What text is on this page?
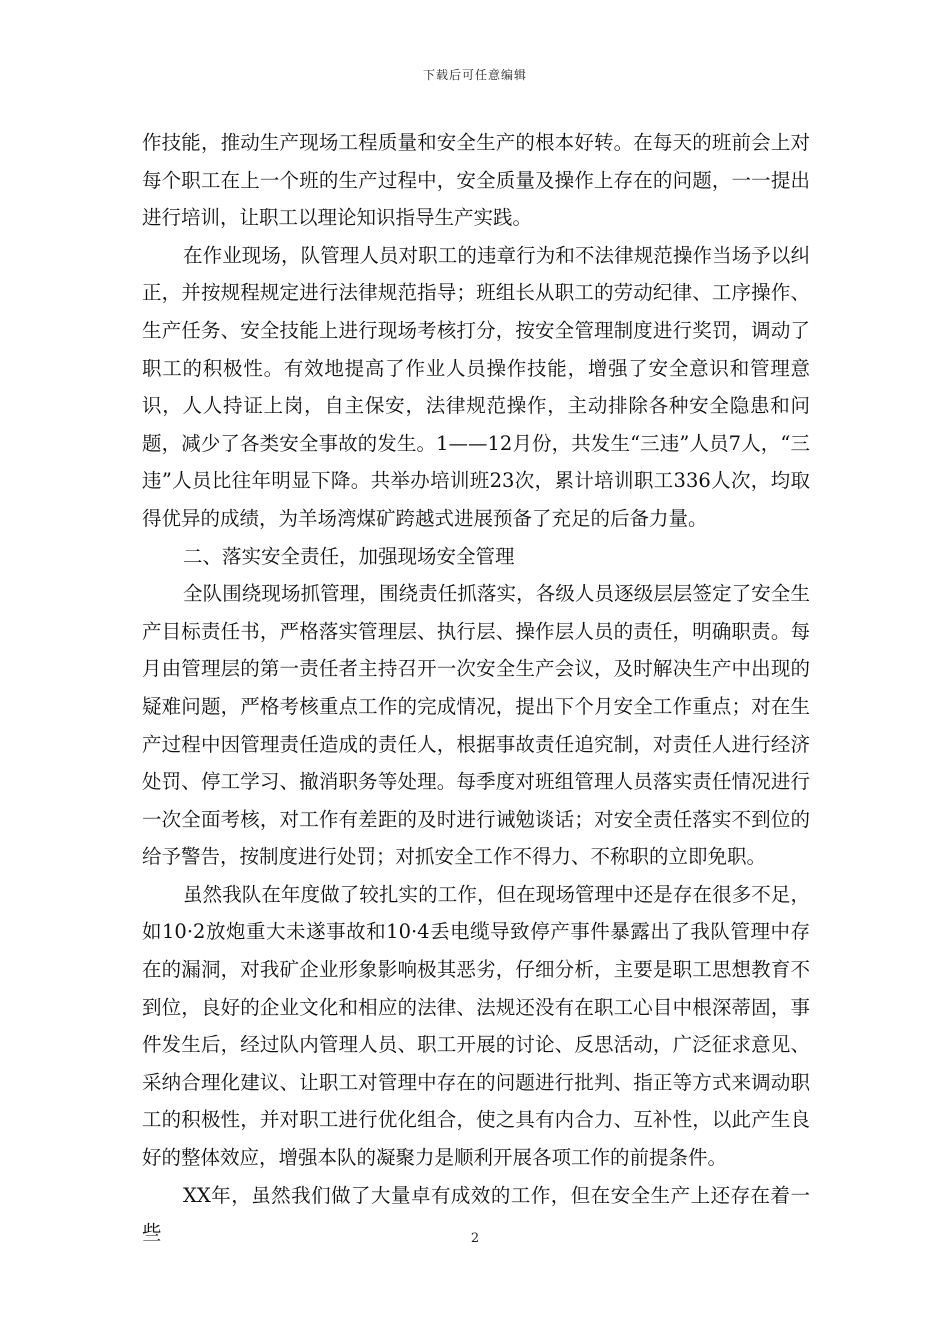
下载后可任意编辑

作技能，推动生产现场工程质量和安全生产的根本好转。在每天的班前会上对每个职工在上一个班的生产过程中，安全质量及操作上存在的问题，一一提出进行培训，让职工以理论知识指导生产实践。

在作业现场，队管理人员对职工的违章行为和不法律规范操作当场予以纠正，并按规程规定进行法律规范指导；班组长从职工的劳动纪律、工序操作、生产任务、安全技能上进行现场考核打分，按安全管理制度进行奖罚，调动了职工的积极性。有效地提高了作业人员操作技能，增强了安全意识和管理意识，人人持证上岗，自主保安，法律规范操作，主动排除各种安全隐患和问题，减少了各类安全事故的发生。1——12月份，共发生“三违”人员7人，“三违”人员比往年明显下降。共举办培训班23次，累计培训职工336人次，均取得优异的成绩，为羊场湾煤矿跨越式进展预备了充足的后备力量。

二、落实安全责任，加强现场安全管理

全队围绕现场抓管理，围绕责任抓落实，各级人员逐级层层签定了安全生产目标责任书，严格落实管理层、执行层、操作层人员的责任，明确职责。每月由管理层的第一责任者主持召开一次安全生产会议，及时解决生产中出现的疑难问题，严格考核重点工作的完成情况，提出下个月安全工作重点；对在生产过程中因管理责任造成的责任人，根据事故责任追究制，对责任人进行经济处罚、停工学习、撤消职务等处理。每季度对班组管理人员落实责任情况进行一次全面考核，对工作有差距的及时进行诫勉谈话；对安全责任落实不到位的给予警告，按制度进行处罚；对抓安全工作不得力、不称职的立即免职。

虽然我队在年度做了较扎实的工作，但在现场管理中还是存在很多不足，如10·2放炮重大未遂事故和10·4丢电缆导致停产事件暴露出了我队管理中存在的漏洞，对我矿企业形象影响极其恶劣，仔细分析，主要是职工思想教育不到位，良好的企业文化和相应的法律、法规还没有在职工心目中根深蒂固，事件发生后，经过队内管理人员、职工开展的讨论、反思活动，广泛征求意见、采纳合理化建议、让职工对管理中存在的问题进行批判、指正等方式来调动职工的积极性，并对职工进行优化组合，使之具有内合力、互补性，以此产生良好的整体效应，增强本队的凝聚力是顺利开展各项工作的前提条件。

XX年，虽然我们做了大量卓有成效的工作，但在安全生产上还存在着一些	2
